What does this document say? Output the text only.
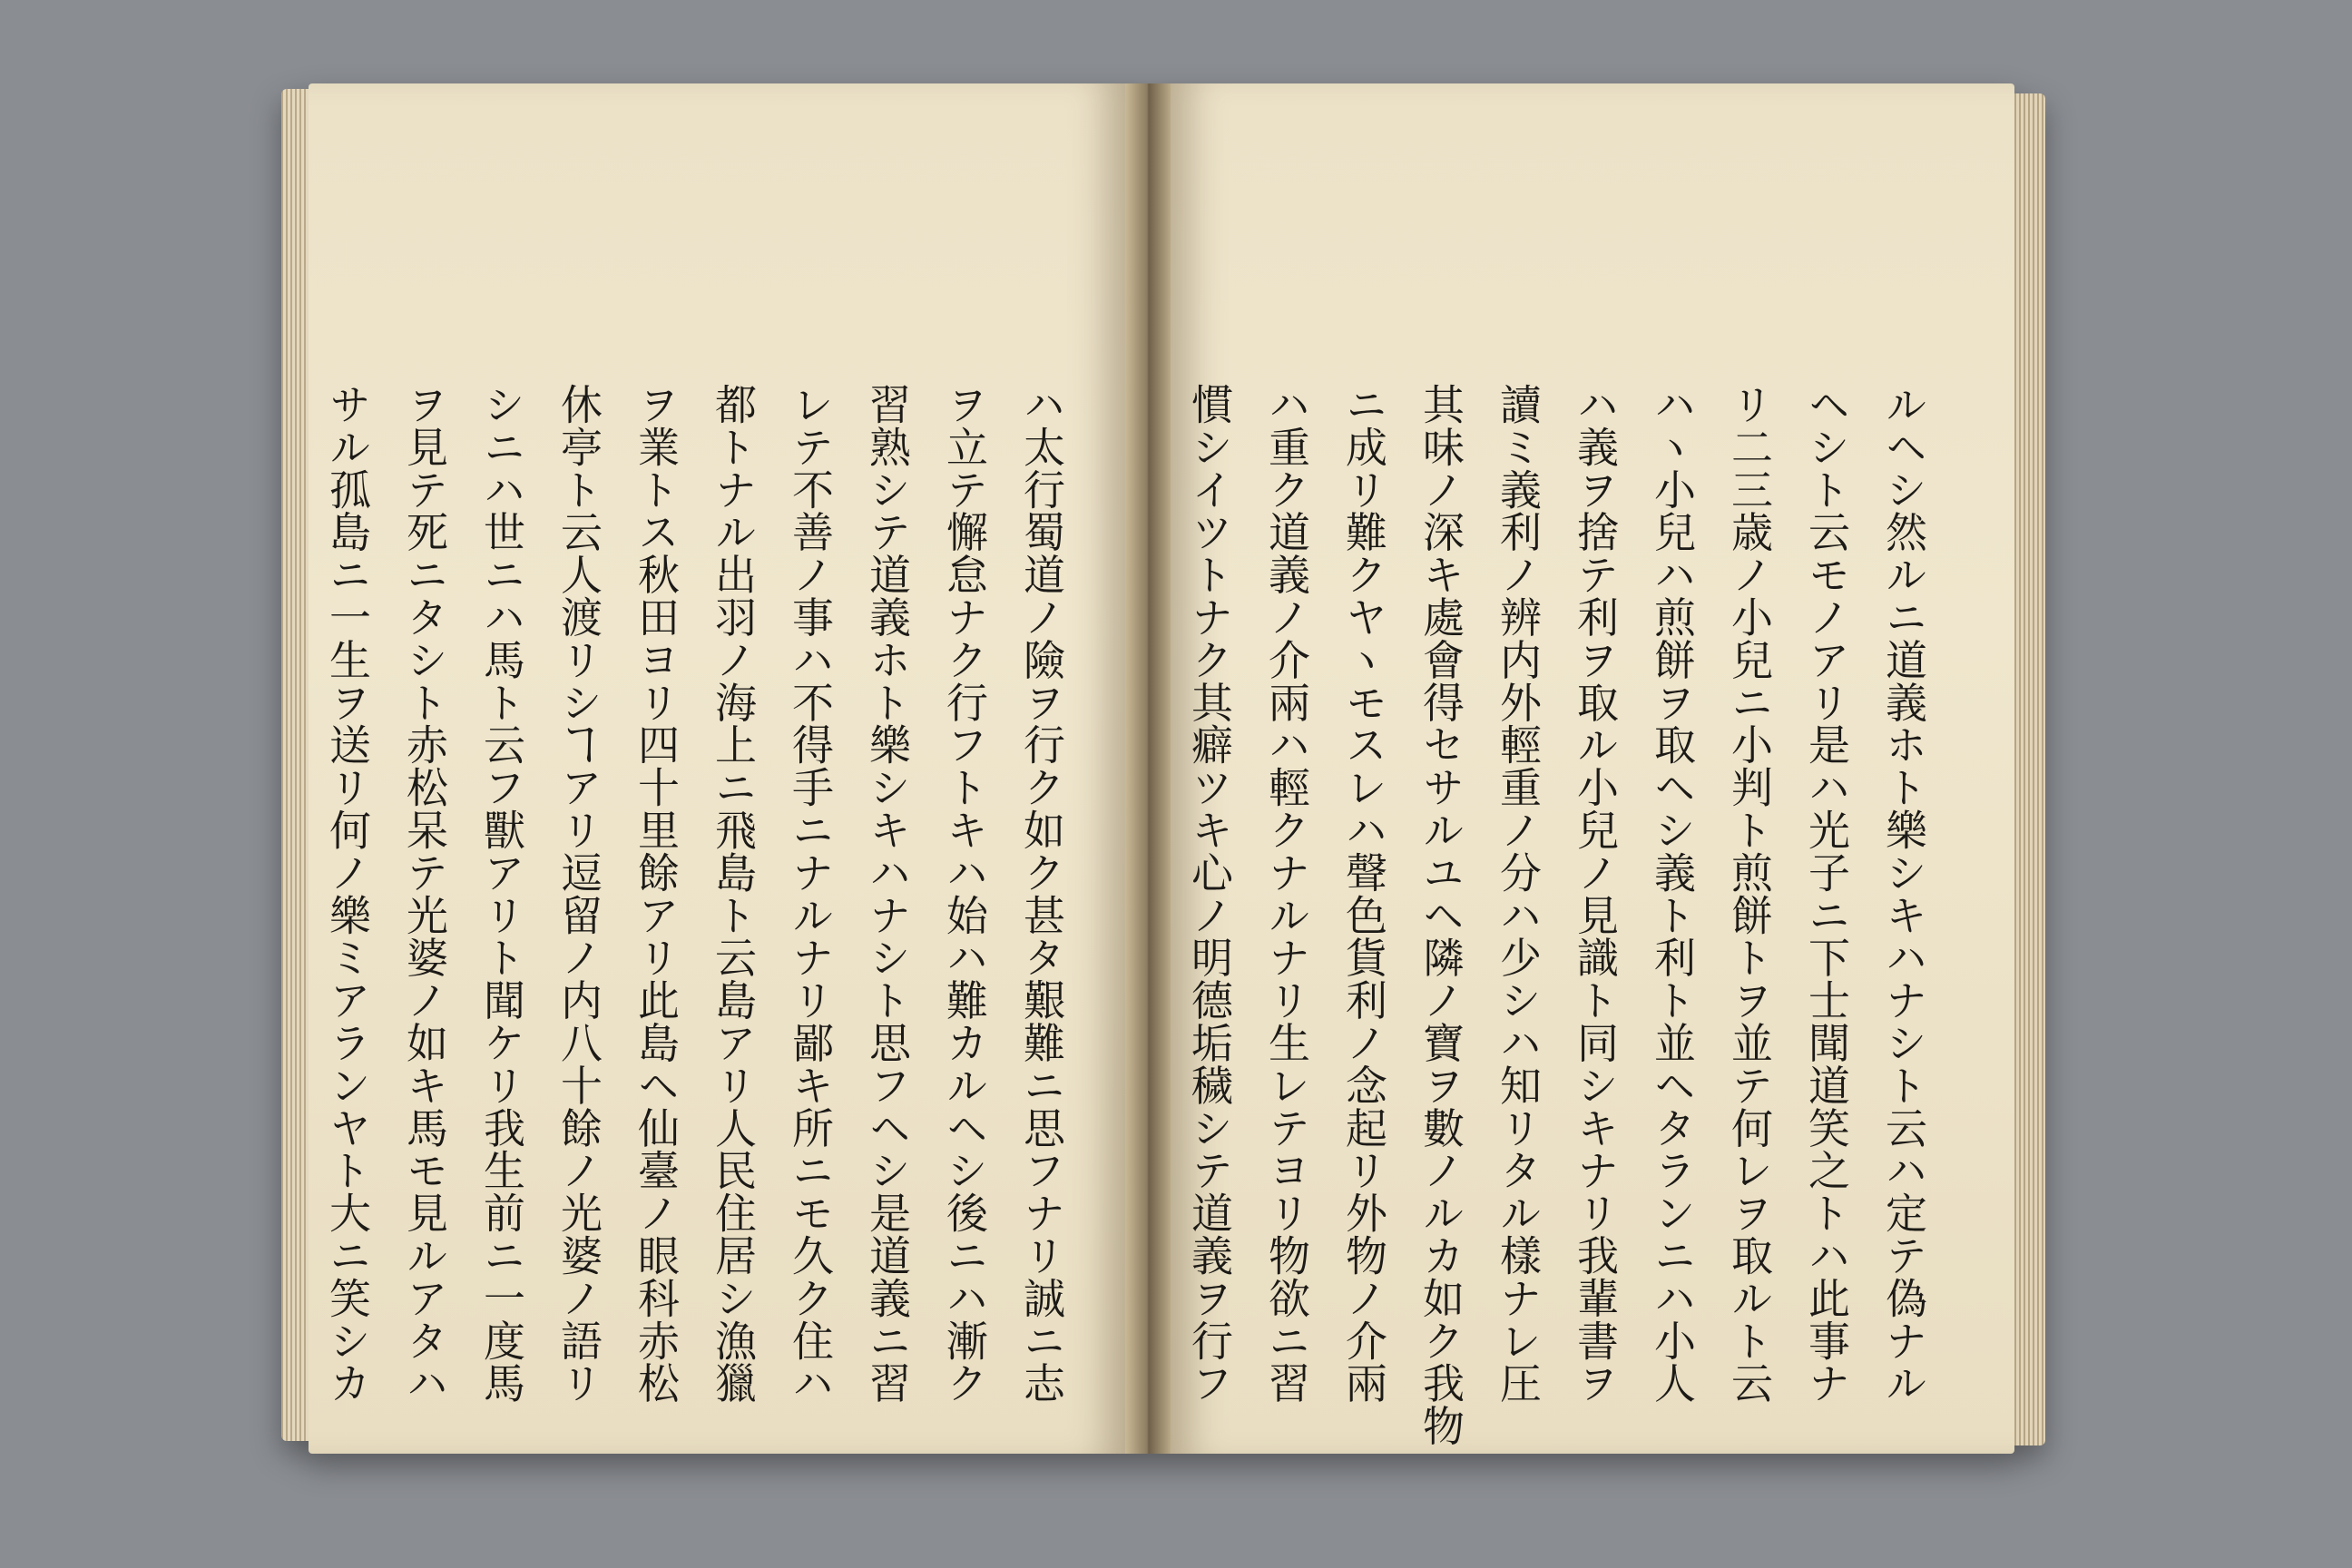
ハ太行蜀道ノ險ヲ行ク如ク甚タ艱難ニ思フナリ誠ニ志
ヲ立テ懈怠ナク行フトキハ始ハ難カルヘシ後ニハ漸ク
習熟シテ道義ホト樂シキハナシト思フヘシ是道義ニ習
レテ不善ノ事ハ不得手ニナルナリ鄙キ所ニモ久ク住ハ
都トナル出羽ノ海上ニ飛島ト云島アリ人民住居シ漁獵
ヲ業トス秋田ヨリ四十里餘アリ此島ヘ仙臺ノ眼科赤松
休亭ト云人渡リシヿアリ逗留ノ内八十餘ノ光婆ノ語リ
シニハ世ニハ馬ト云フ獸アリト聞ケリ我生前ニ一度馬
ヲ見テ死ニタシト赤松呆テ光婆ノ如キ馬モ見ルアタハ
サル孤島ニ一生ヲ送リ何ノ樂ミアランヤト大ニ笑シカ	ルヘシ然ルニ道義ホト樂シキハナシト云ハ定テ偽ナル
ヘシト云モノアリ是ハ光子ニ下士聞道笑之トハ此事ナ
リ二三歳ノ小兒ニ小判ト煎餅トヲ並テ何レヲ取ルト云
ハヽ小兒ハ煎餅ヲ取ヘシ義ト利ト並ヘタランニハ小人
ハ義ヲ捨テ利ヲ取ル小兒ノ見識ト同シキナリ我輩書ヲ
讀ミ義利ノ辨内外輕重ノ分ハ少シハ知リタル樣ナレ圧
其味ノ深キ處會得セサルユヘ隣ノ寶ヲ數ノルカ如ク我物
ニ成リ難クヤヽモスレハ聲色貨利ノ念起リ外物ノ介兩
ハ重ク道義ノ介兩ハ輕クナルナリ生レテヨリ物欲ニ習
慣シイツトナク其癖ツキ心ノ明德垢穢シテ道義ヲ行フ
